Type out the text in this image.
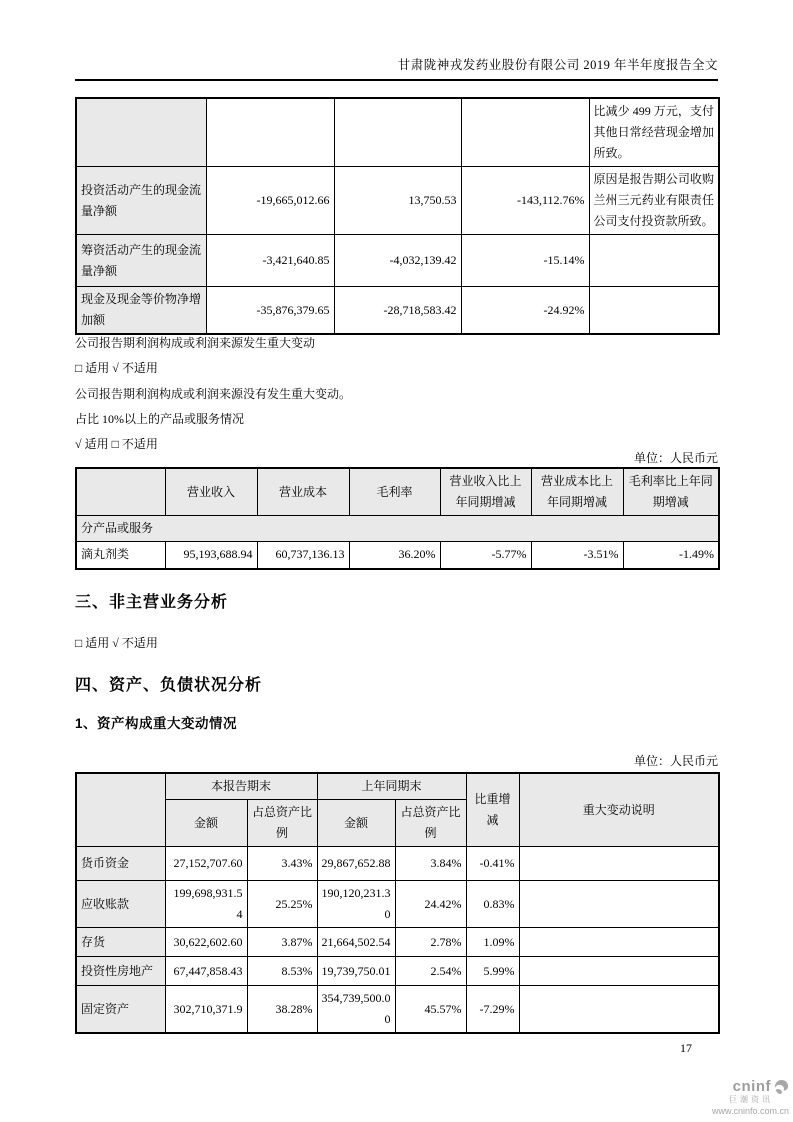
甘肃陇神戎发药业股份有限公司 2019 年半年度报告全文
				比减少 499 万元，支付其他日常经营现金增加所致。
投资活动产生的现金流量净额	-19,665,012.66	13,750.53	-143,112.76%	原因是报告期公司收购兰州三元药业有限责任公司支付投资款所致。
筹资活动产生的现金流量净额	-3,421,640.85	-4,032,139.42	-15.14%	
现金及现金等价物净增加额	-35,876,379.65	-28,718,583.42	-24.92%	
公司报告期利润构成或利润来源发生重大变动
□ 适用 √ 不适用
公司报告期利润构成或利润来源没有发生重大变动。
占比 10%以上的产品或服务情况
√ 适用 □ 不适用
单位：人民币元
	营业收入	营业成本	毛利率	营业收入比上年同期增减	营业成本比上年同期增减	毛利率比上年同期增减
分产品或服务						
滴丸剂类	95,193,688.94	60,737,136.13	36.20%	-5.77%	-3.51%	-1.49%
三、非主营业务分析
□ 适用 √ 不适用
四、资产、负债状况分析
1、资产构成重大变动情况
单位：人民币元
	本报告期末		上年同期末		比重增减	重大变动说明
	金额	占总资产比例	金额	占总资产比例		
货币资金	27,152,707.60	3.43%	29,867,652.88	3.84%	-0.41%	
应收账款	199,698,931.54	25.25%	190,120,231.30	24.42%	0.83%	
存货	30,622,602.60	3.87%	21,664,502.54	2.78%	1.09%	
投资性房地产	67,447,858.43	8.53%	19,739,750.01	2.54%	5.99%	
固定资产	302,710,371.9	38.28%	354,739,500.00	45.57%	-7.29%	
17
cninf
巨潮资讯
www.cninfo.com.cn
